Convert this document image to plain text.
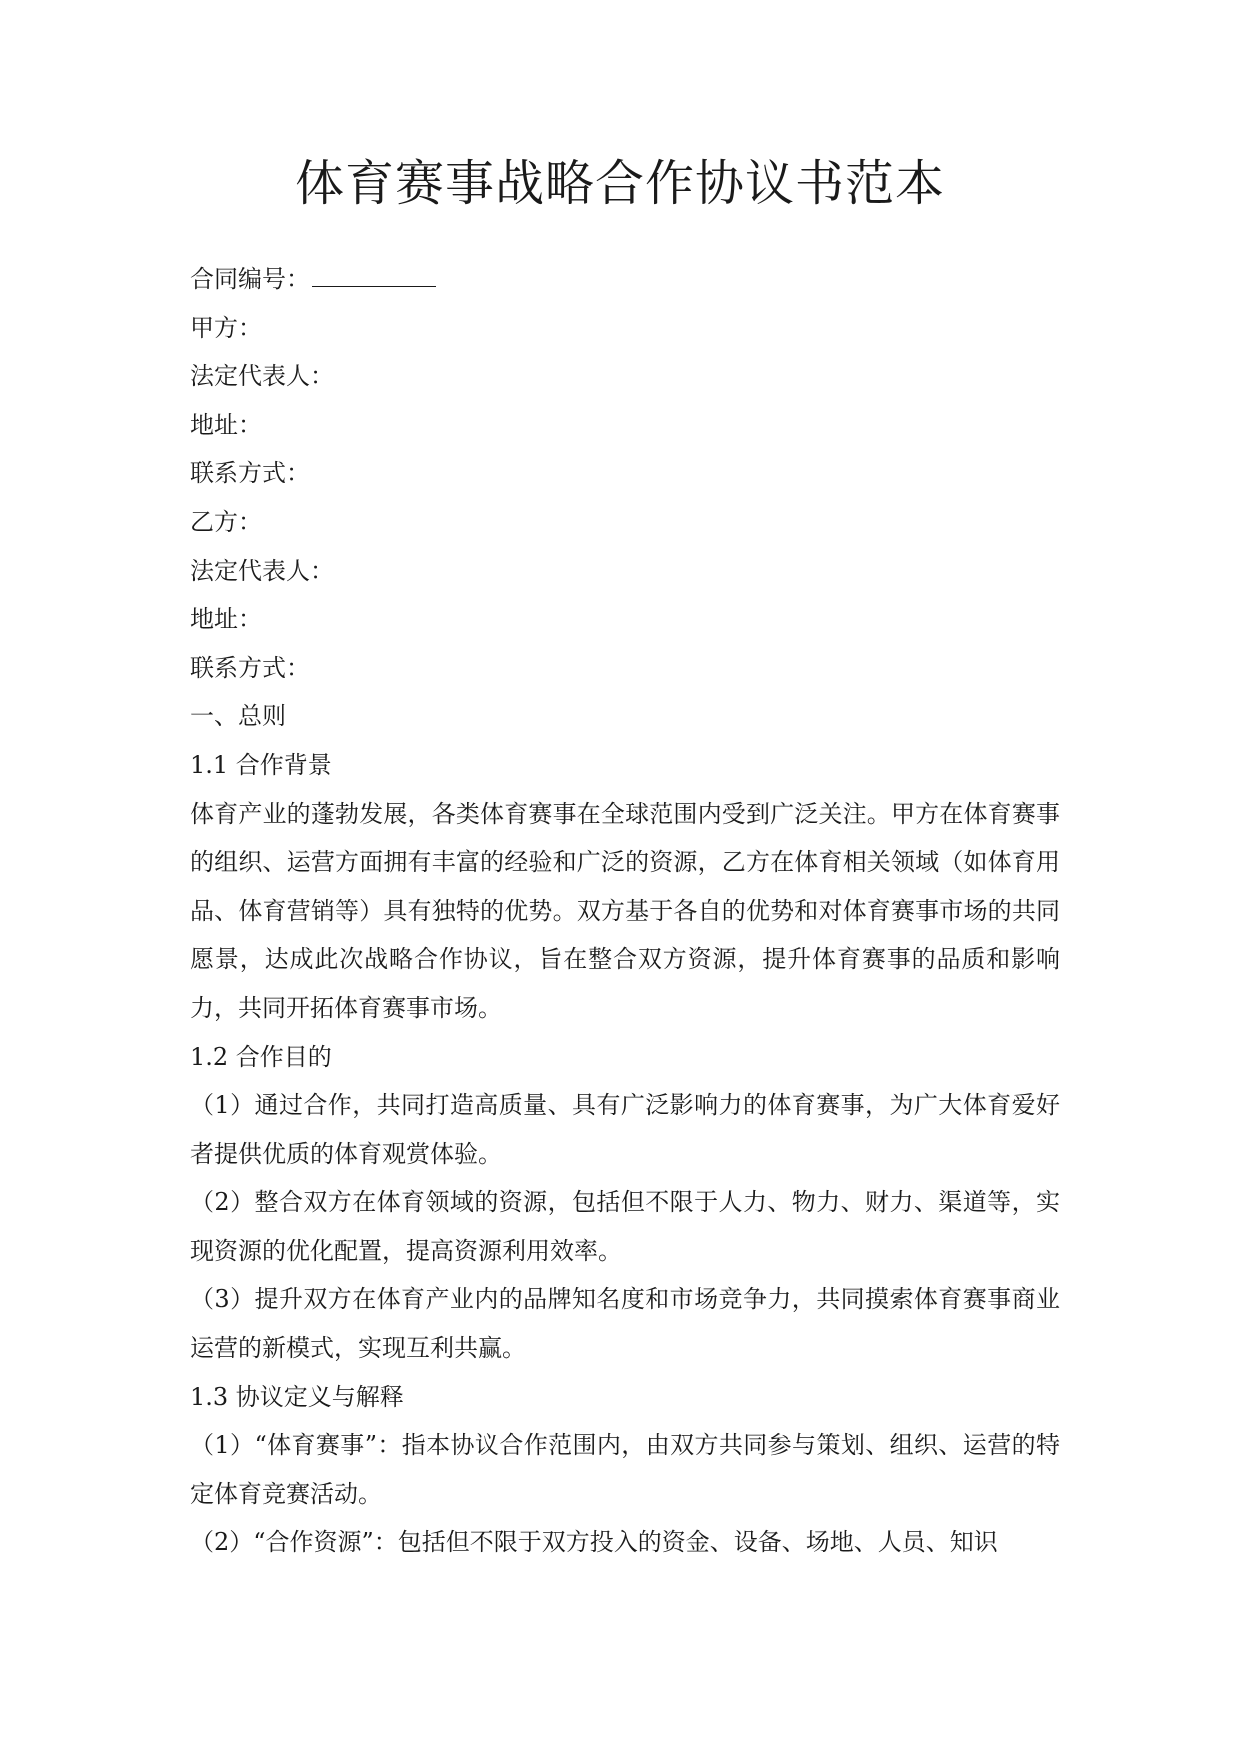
体育赛事战略合作协议书范本
合同编号：
甲方：
法定代表人：
地址：
联系方式：
乙方：
法定代表人：
地址：
联系方式：
一、总则
1.1 合作背景
体育产业的蓬勃发展，各类体育赛事在全球范围内受到广泛关注。甲方在体育赛事的组织、运营方面拥有丰富的经验和广泛的资源，乙方在体育相关领域（如体育用品、体育营销等）具有独特的优势。双方基于各自的优势和对体育赛事市场的共同愿景，达成此次战略合作协议，旨在整合双方资源，提升体育赛事的品质和影响力，共同开拓体育赛事市场。
1.2 合作目的
（1）通过合作，共同打造高质量、具有广泛影响力的体育赛事，为广大体育爱好者提供优质的体育观赏体验。
（2）整合双方在体育领域的资源，包括但不限于人力、物力、财力、渠道等，实现资源的优化配置，提高资源利用效率。
（3）提升双方在体育产业内的品牌知名度和市场竞争力，共同摸索体育赛事商业运营的新模式，实现互利共赢。
1.3 协议定义与解释
（1）“体育赛事”：指本协议合作范围内，由双方共同参与策划、组织、运营的特定体育竞赛活动。
（2）“合作资源”：包括但不限于双方投入的资金、设备、场地、人员、知识
